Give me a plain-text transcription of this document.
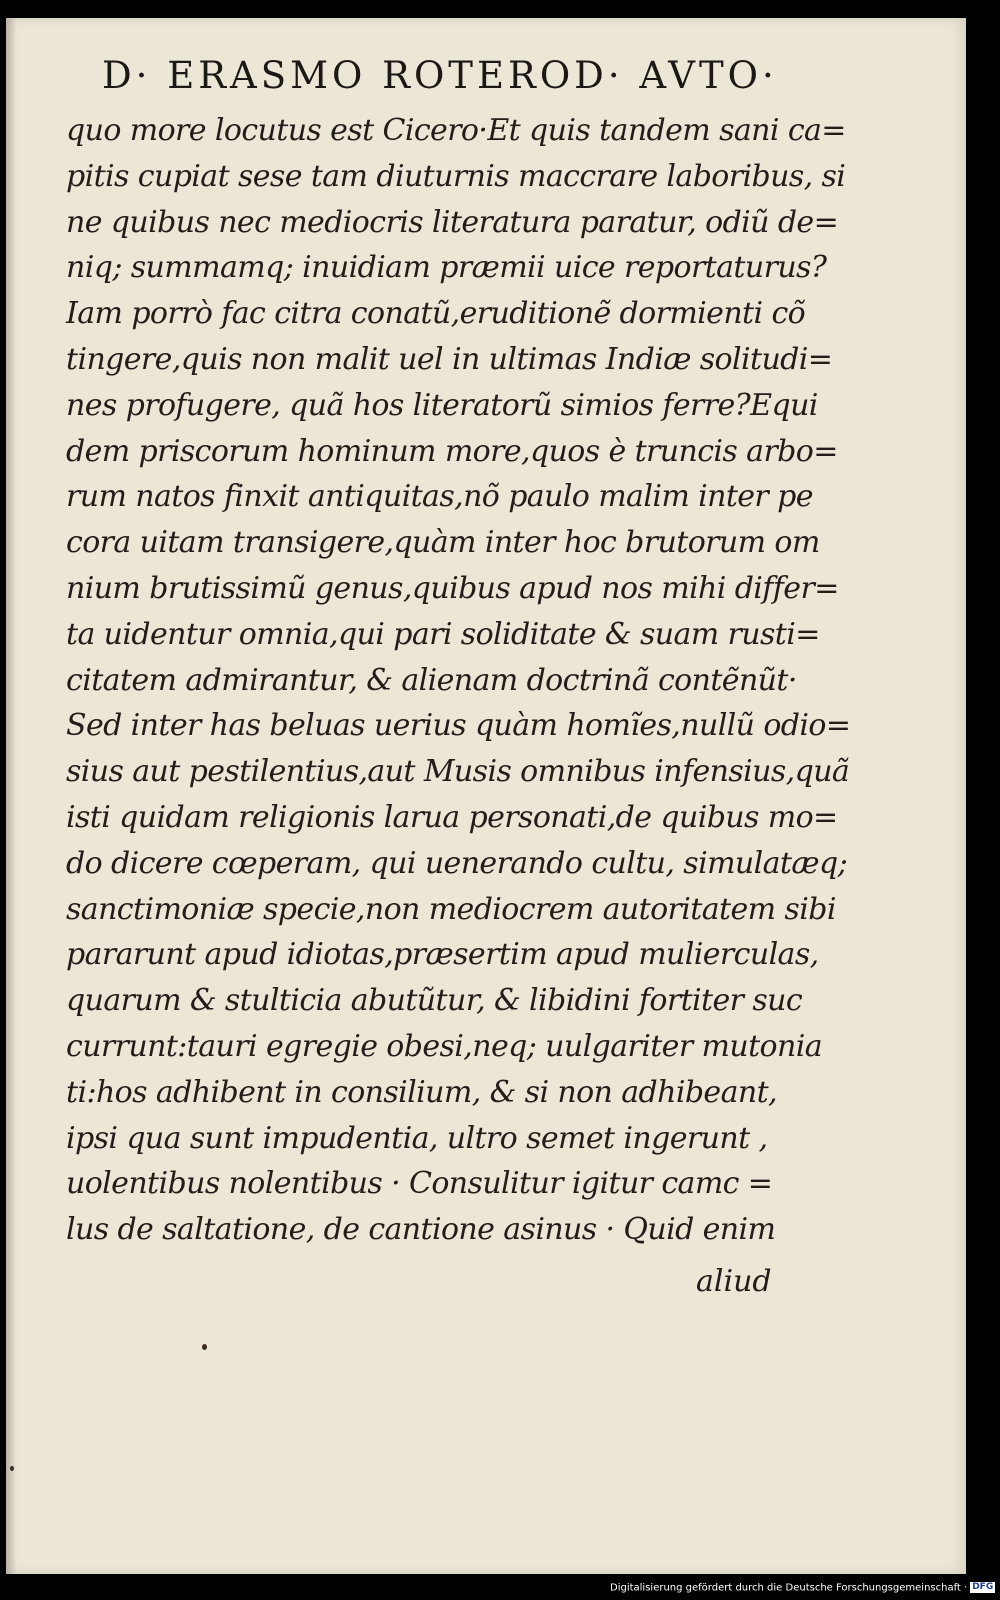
D· ERASMO ROTEROD· AVTO·
quo more locutus est Cicero·Et quis tandem sani ca=
pitis cupiat sese tam diuturnis maccrare laboribus, si
ne quibus nec mediocris literatura paratur, odiũ de=
niq; summamq; inuidiam præmii uice reportaturus?
Iam porrò fac citra conatũ,eruditionẽ dormienti cõ
tingere,quis non malit uel in ultimas Indiæ solitudi=
nes profugere, quã hos literatorũ simios ferre?Equi
dem priscorum hominum more,quos è truncis arbo=
rum natos finxit antiquitas,nõ paulo malim inter pe
cora uitam transigere,quàm inter hoc brutorum om
nium brutissimũ genus,quibus apud nos mihi differ=
ta uidentur omnia,qui pari soliditate & suam rusti=
citatem admirantur, & alienam doctrinã contẽnũt·
Sed inter has beluas uerius quàm homĩes,nullũ odio=
sius aut pestilentius,aut Musis omnibus infensius,quã
isti quidam religionis larua personati,de quibus mo=
do dicere cœperam, qui uenerando cultu, simulatæq;
sanctimoniæ specie,non mediocrem autoritatem sibi
pararunt apud idiotas,præsertim apud mulierculas,
quarum & stulticia abutũtur, & libidini fortiter suc
currunt:tauri egregie obesi,neq; uulgariter mutonia
ti:hos adhibent in consilium, & si non adhibeant,
ipsi qua sunt impudentia, ultro semet ingerunt ,
uolentibus nolentibus · Consulitur igitur camc =
lus de saltatione, de cantione asinus · Quid enim
aliud
Digitalisierung gefördert durch die Deutsche Forschungsgemeinschaft · DFG
